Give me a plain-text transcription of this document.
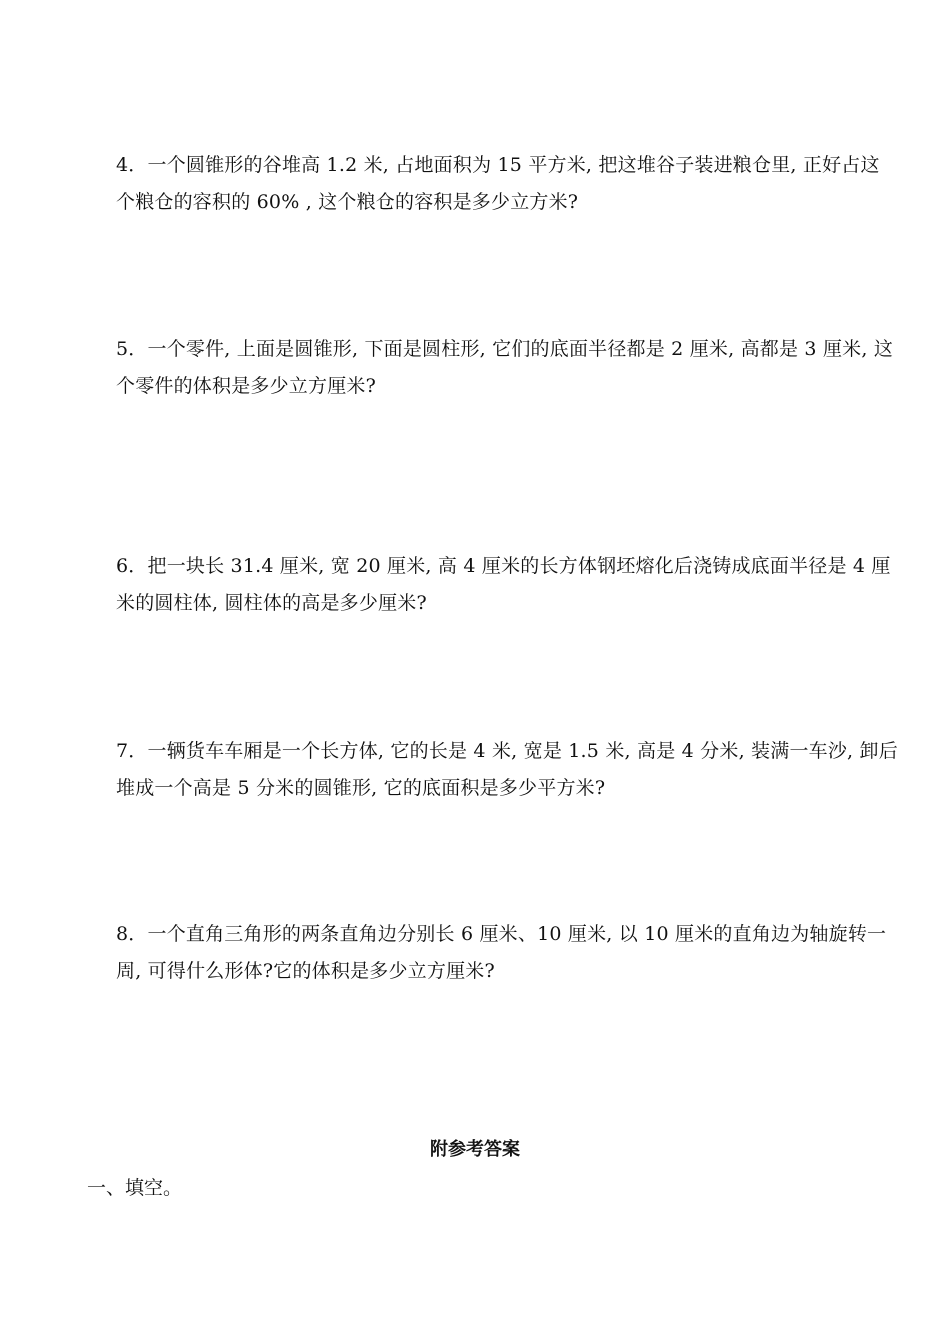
4．一个圆锥形的谷堆高 1.2 米, 占地面积为 15 平方米, 把这堆谷子装进粮仓里, 正好占这
个粮仓的容积的 60% , 这个粮仓的容积是多少立方米?
5．一个零件, 上面是圆锥形, 下面是圆柱形, 它们的底面半径都是 2 厘米, 高都是 3 厘米, 这
个零件的体积是多少立方厘米?
6．把一块长 31.4 厘米, 宽 20 厘米, 高 4 厘米的长方体钢坯熔化后浇铸成底面半径是 4 厘
米的圆柱体, 圆柱体的高是多少厘米?
7．一辆货车车厢是一个长方体, 它的长是 4 米, 宽是 1.5 米, 高是 4 分米, 装满一车沙, 卸后
堆成一个高是 5 分米的圆锥形, 它的底面积是多少平方米?
8．一个直角三角形的两条直角边分别长 6 厘米、10 厘米, 以 10 厘米的直角边为轴旋转一
周, 可得什么形体?它的体积是多少立方厘米?
附参考答案
一、填空。
